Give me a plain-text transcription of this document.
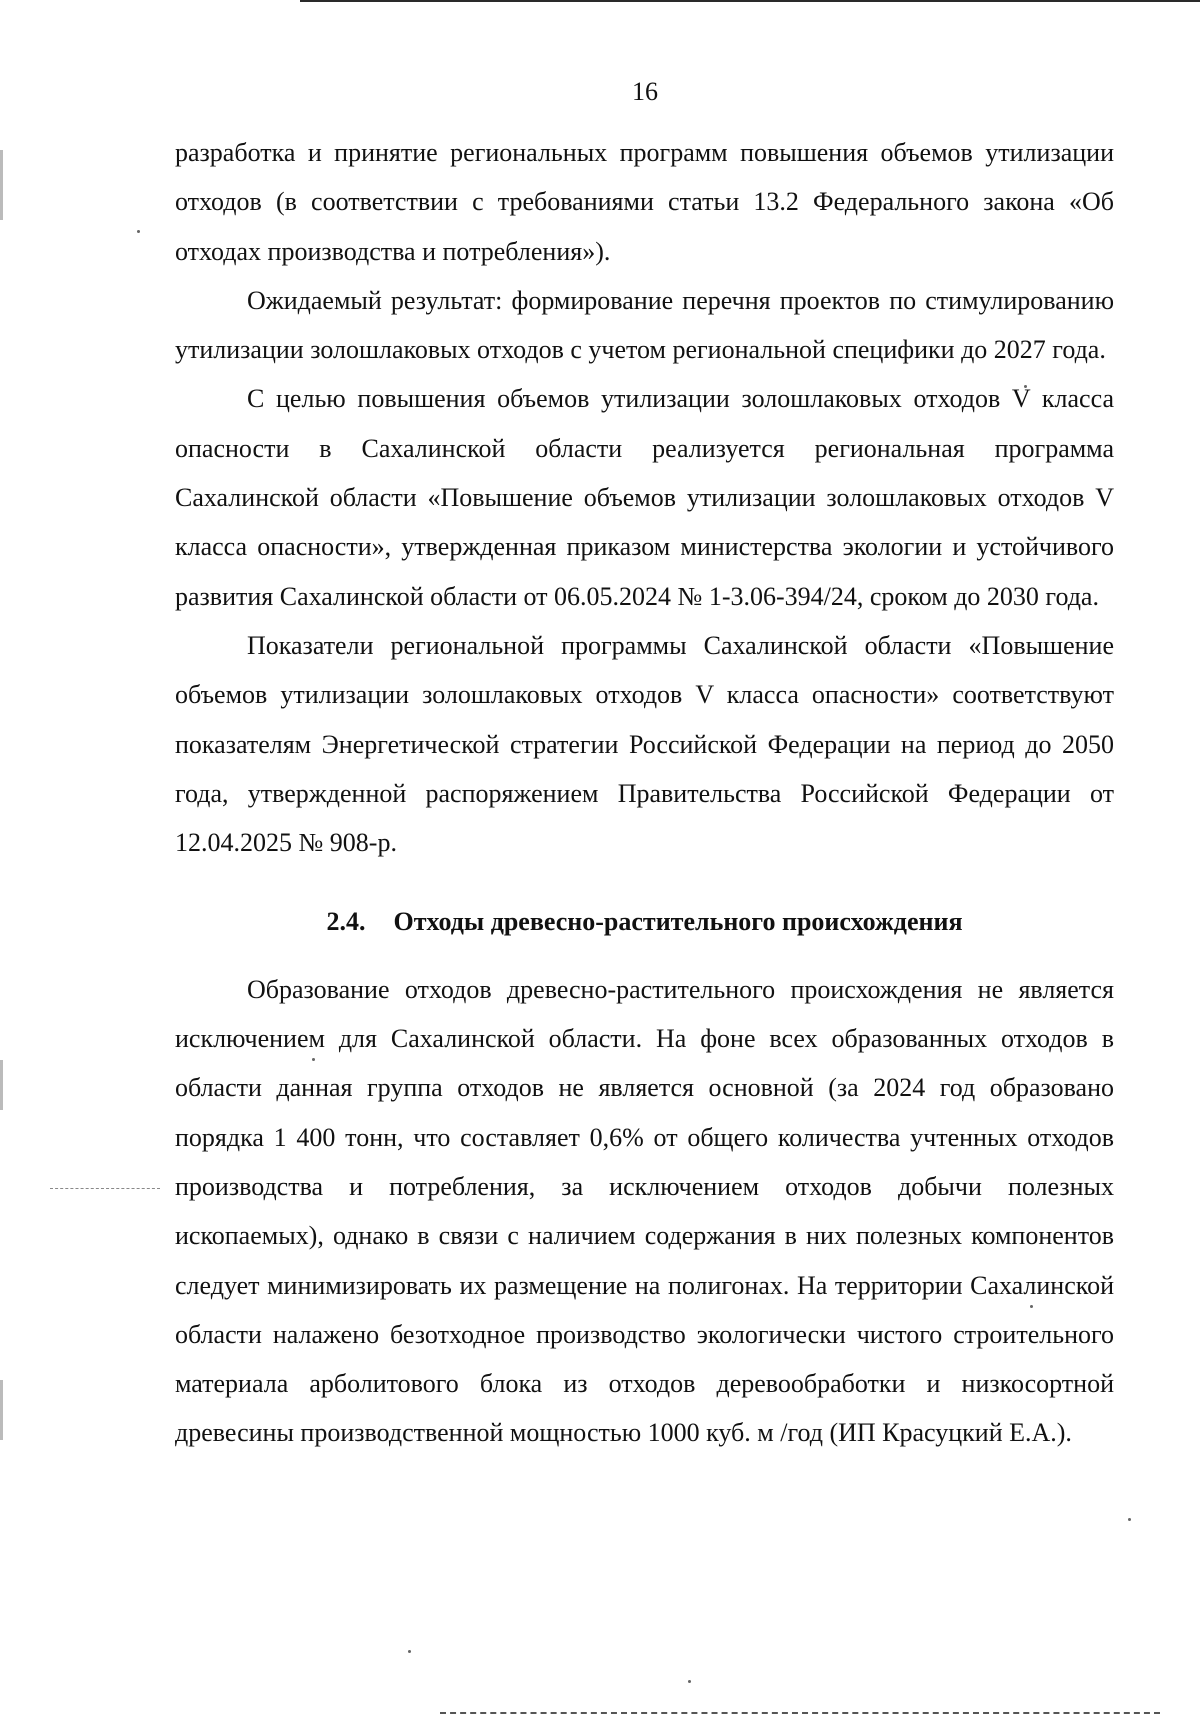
16

разработка и принятие региональных программ повышения объемов утилизации отходов (в соответствии с требованиями статьи 13.2 Федерального закона «Об отходах производства и потребления»).

Ожидаемый результат: формирование перечня проектов по стимулированию утилизации золошлаковых отходов с учетом региональной специфики до 2027 года.

С целью повышения объемов утилизации золошлаковых отходов V класса опасности в Сахалинской области реализуется региональная программа Сахалинской области «Повышение объемов утилизации золошлаковых отходов V класса опасности», утвержденная приказом министерства экологии и устойчивого развития Сахалинской области от 06.05.2024 № 1-3.06-394/24, сроком до 2030 года.

Показатели региональной программы Сахалинской области «Повышение объемов утилизации золошлаковых отходов V класса опасности» соответствуют показателям Энергетической стратегии Российской Федерации на период до 2050 года, утвержденной распоряжением Правительства Российской Федерации от 12.04.2025 № 908-р.

2.4. Отходы древесно-растительного происхождения

Образование отходов древесно-растительного происхождения не является исключением для Сахалинской области. На фоне всех образованных отходов в области данная группа отходов не является основной (за 2024 год образовано порядка 1 400 тонн, что составляет 0,6% от общего количества учтенных отходов производства и потребления, за исключением отходов добычи полезных ископаемых), однако в связи с наличием содержания в них полезных компонентов следует минимизировать их размещение на полигонах. На территории Сахалинской области налажено безотходное производство экологически чистого строительного материала арболитового блока из отходов деревообработки и низкосортной древесины производственной мощностью 1000 куб. м /год (ИП Красуцкий Е.А.).
